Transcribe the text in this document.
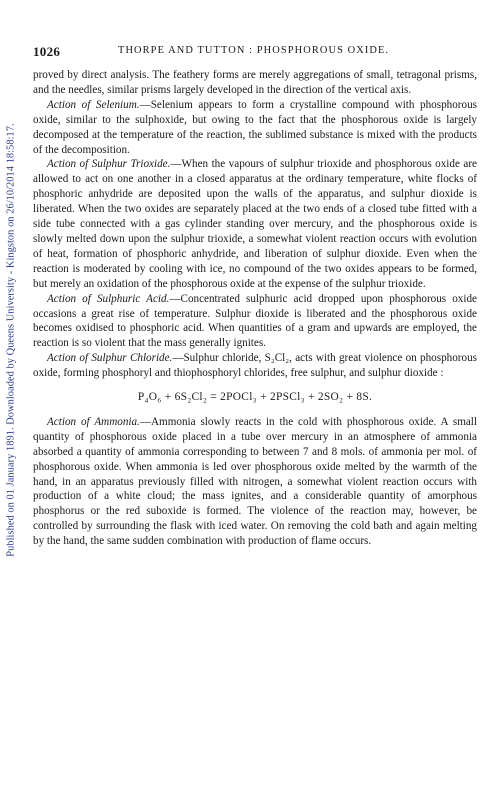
Published on 01 January 1891. Downloaded by Queens University - Kingston on 26/10/2014 18:58:17.
1026	THORPE AND TUTTON : PHOSPHOROUS OXIDE.

proved by direct analysis. The feathery forms are merely aggregations of small, tetragonal prisms, and the needles, similar prisms largely developed in the direction of the vertical axis.

Action of Selenium.—Selenium appears to form a crystalline compound with phosphorous oxide, similar to the sulphoxide, but owing to the fact that the phosphorous oxide is largely decomposed at the temperature of the reaction, the sublimed substance is mixed with the products of the decomposition.

Action of Sulphur Trioxide.—When the vapours of sulphur trioxide and phosphorous oxide are allowed to act on one another in a closed apparatus at the ordinary temperature, white flocks of phosphoric anhydride are deposited upon the walls of the apparatus, and sulphur dioxide is liberated. When the two oxides are separately placed at the two ends of a closed tube fitted with a side tube connected with a gas cylinder standing over mercury, and the phosphorous oxide is slowly melted down upon the sulphur trioxide, a somewhat violent reaction occurs with evolution of heat, formation of phosphoric anhydride, and liberation of sulphur dioxide. Even when the reaction is moderated by cooling with ice, no compound of the two oxides appears to be formed, but merely an oxidation of the phosphorous oxide at the expense of the sulphur trioxide.

Action of Sulphuric Acid.—Concentrated sulphuric acid dropped upon phosphorous oxide occasions a great rise of temperature. Sulphur dioxide is liberated and the phosphorous oxide becomes oxidised to phosphoric acid. When quantities of a gram and upwards are employed, the reaction is so violent that the mass generally ignites.

Action of Sulphur Chloride.—Sulphur chloride, S₂Cl₂, acts with great violence on phosphorous oxide, forming phosphoryl and thiophosphoryl chlorides, free sulphur, and sulphur dioxide :

P₄O₆ + 6S₂Cl₂ = 2POCl₃ + 2PSCl₃ + 2SO₂ + 8S.

Action of Ammonia.—Ammonia slowly reacts in the cold with phosphorous oxide. A small quantity of phosphorous oxide placed in a tube over mercury in an atmosphere of ammonia absorbed a quantity of ammonia corresponding to between 7 and 8 mols. of ammonia per mol. of phosphorous oxide. When ammonia is led over phosphorous oxide melted by the warmth of the hand, in an apparatus previously filled with nitrogen, a somewhat violent reaction occurs with production of a white cloud; the mass ignites, and a considerable quantity of amorphous phosphorus or the red suboxide is formed. The violence of the reaction may, however, be controlled by surrounding the flask with iced water. On removing the cold bath and again melting by the hand, the same sudden combination with production of flame occurs.
